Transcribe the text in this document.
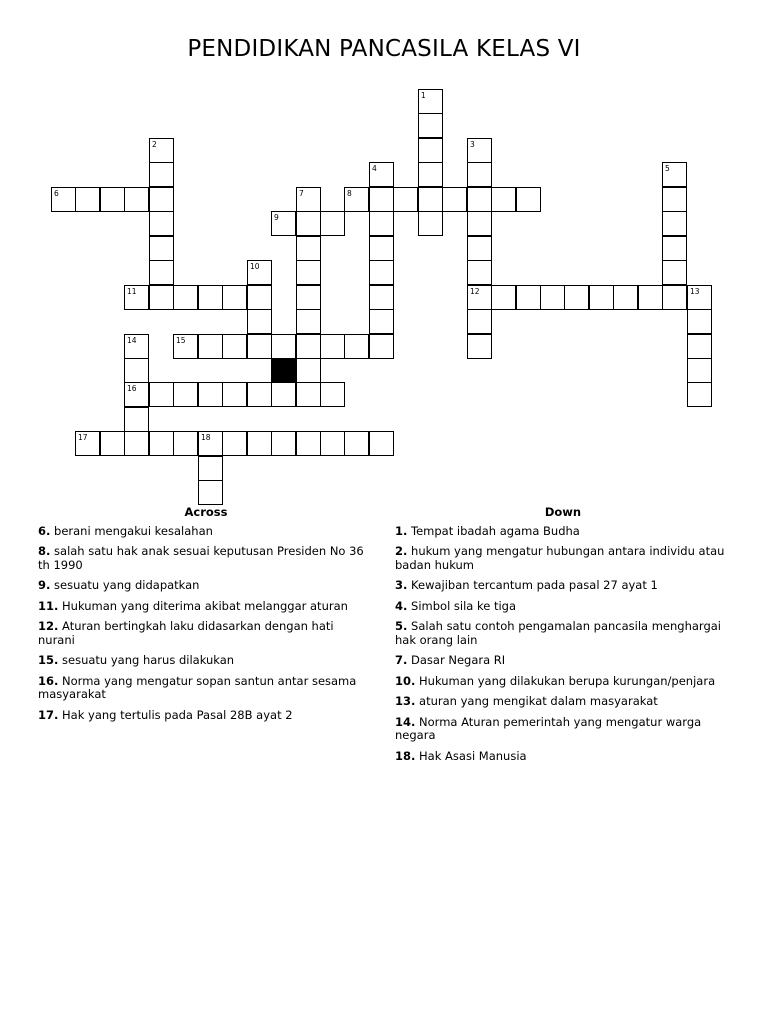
PENDIDIKAN PANCASILA KELAS VI
1
2	3
12
4	5
6	7	8
9
10
11	13
14
16
15
17	18
Across
6. berani mengakui kesalahan
8. salah satu hak anak sesuai keputusan Presiden No 36 th 1990
9. sesuatu yang didapatkan
11. Hukuman yang diterima akibat melanggar aturan
12. Aturan bertingkah laku didasarkan dengan hati nurani
15. sesuatu yang harus dilakukan
16. Norma yang mengatur sopan santun antar sesama masyarakat
17. Hak yang tertulis pada Pasal 28B ayat 2
Down
1. Tempat ibadah agama Budha
2. hukum yang mengatur hubungan antara individu atau badan hukum
3. Kewajiban tercantum pada pasal 27 ayat 1
4. Simbol sila ke tiga
5. Salah satu contoh pengamalan pancasila menghargai hak orang lain
7. Dasar Negara RI
10. Hukuman yang dilakukan berupa kurungan/penjara
13. aturan yang mengikat dalam masyarakat
14. Norma Aturan pemerintah yang mengatur warga negara
18. Hak Asasi Manusia
